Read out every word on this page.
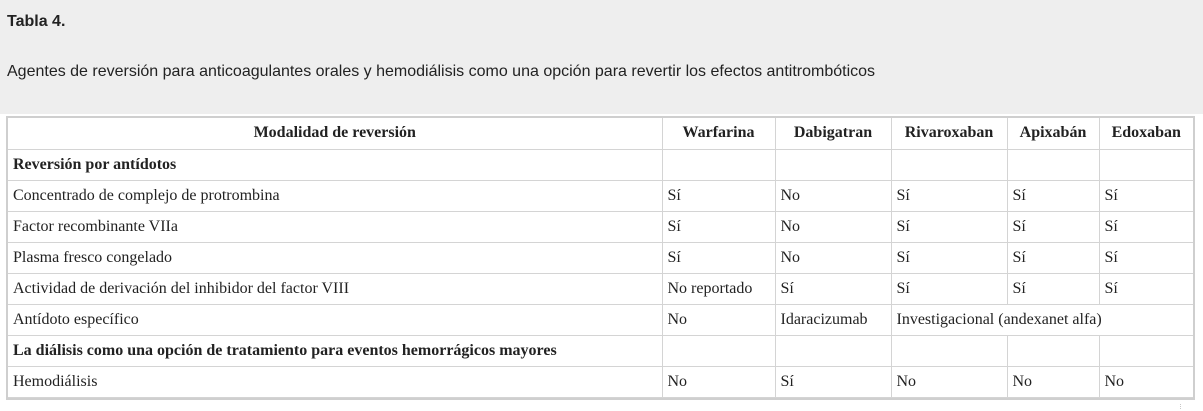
Tabla 4.

Agentes de reversión para anticoagulantes orales y hemodiálisis como una opción para revertir los efectos antitrombóticos

Modalidad de reversión	Warfarina	Dabigatran	Rivaroxaban	Apixabán	Edoxaban
Reversión por antídotos					
Concentrado de complejo de protrombina	Sí	No	Sí	Sí	Sí
Factor recombinante VIIa	Sí	No	Sí	Sí	Sí
Plasma fresco congelado	Sí	No	Sí	Sí	Sí
Actividad de derivación del inhibidor del factor VIII	No reportado	Sí	Sí	Sí	Sí
Antídoto específico	No	Idaracizumab	Investigacional (andexanet alfa)		
La diálisis como una opción de tratamiento para eventos hemorrágicos mayores					
Hemodiálisis	No	Sí	No	No	No
